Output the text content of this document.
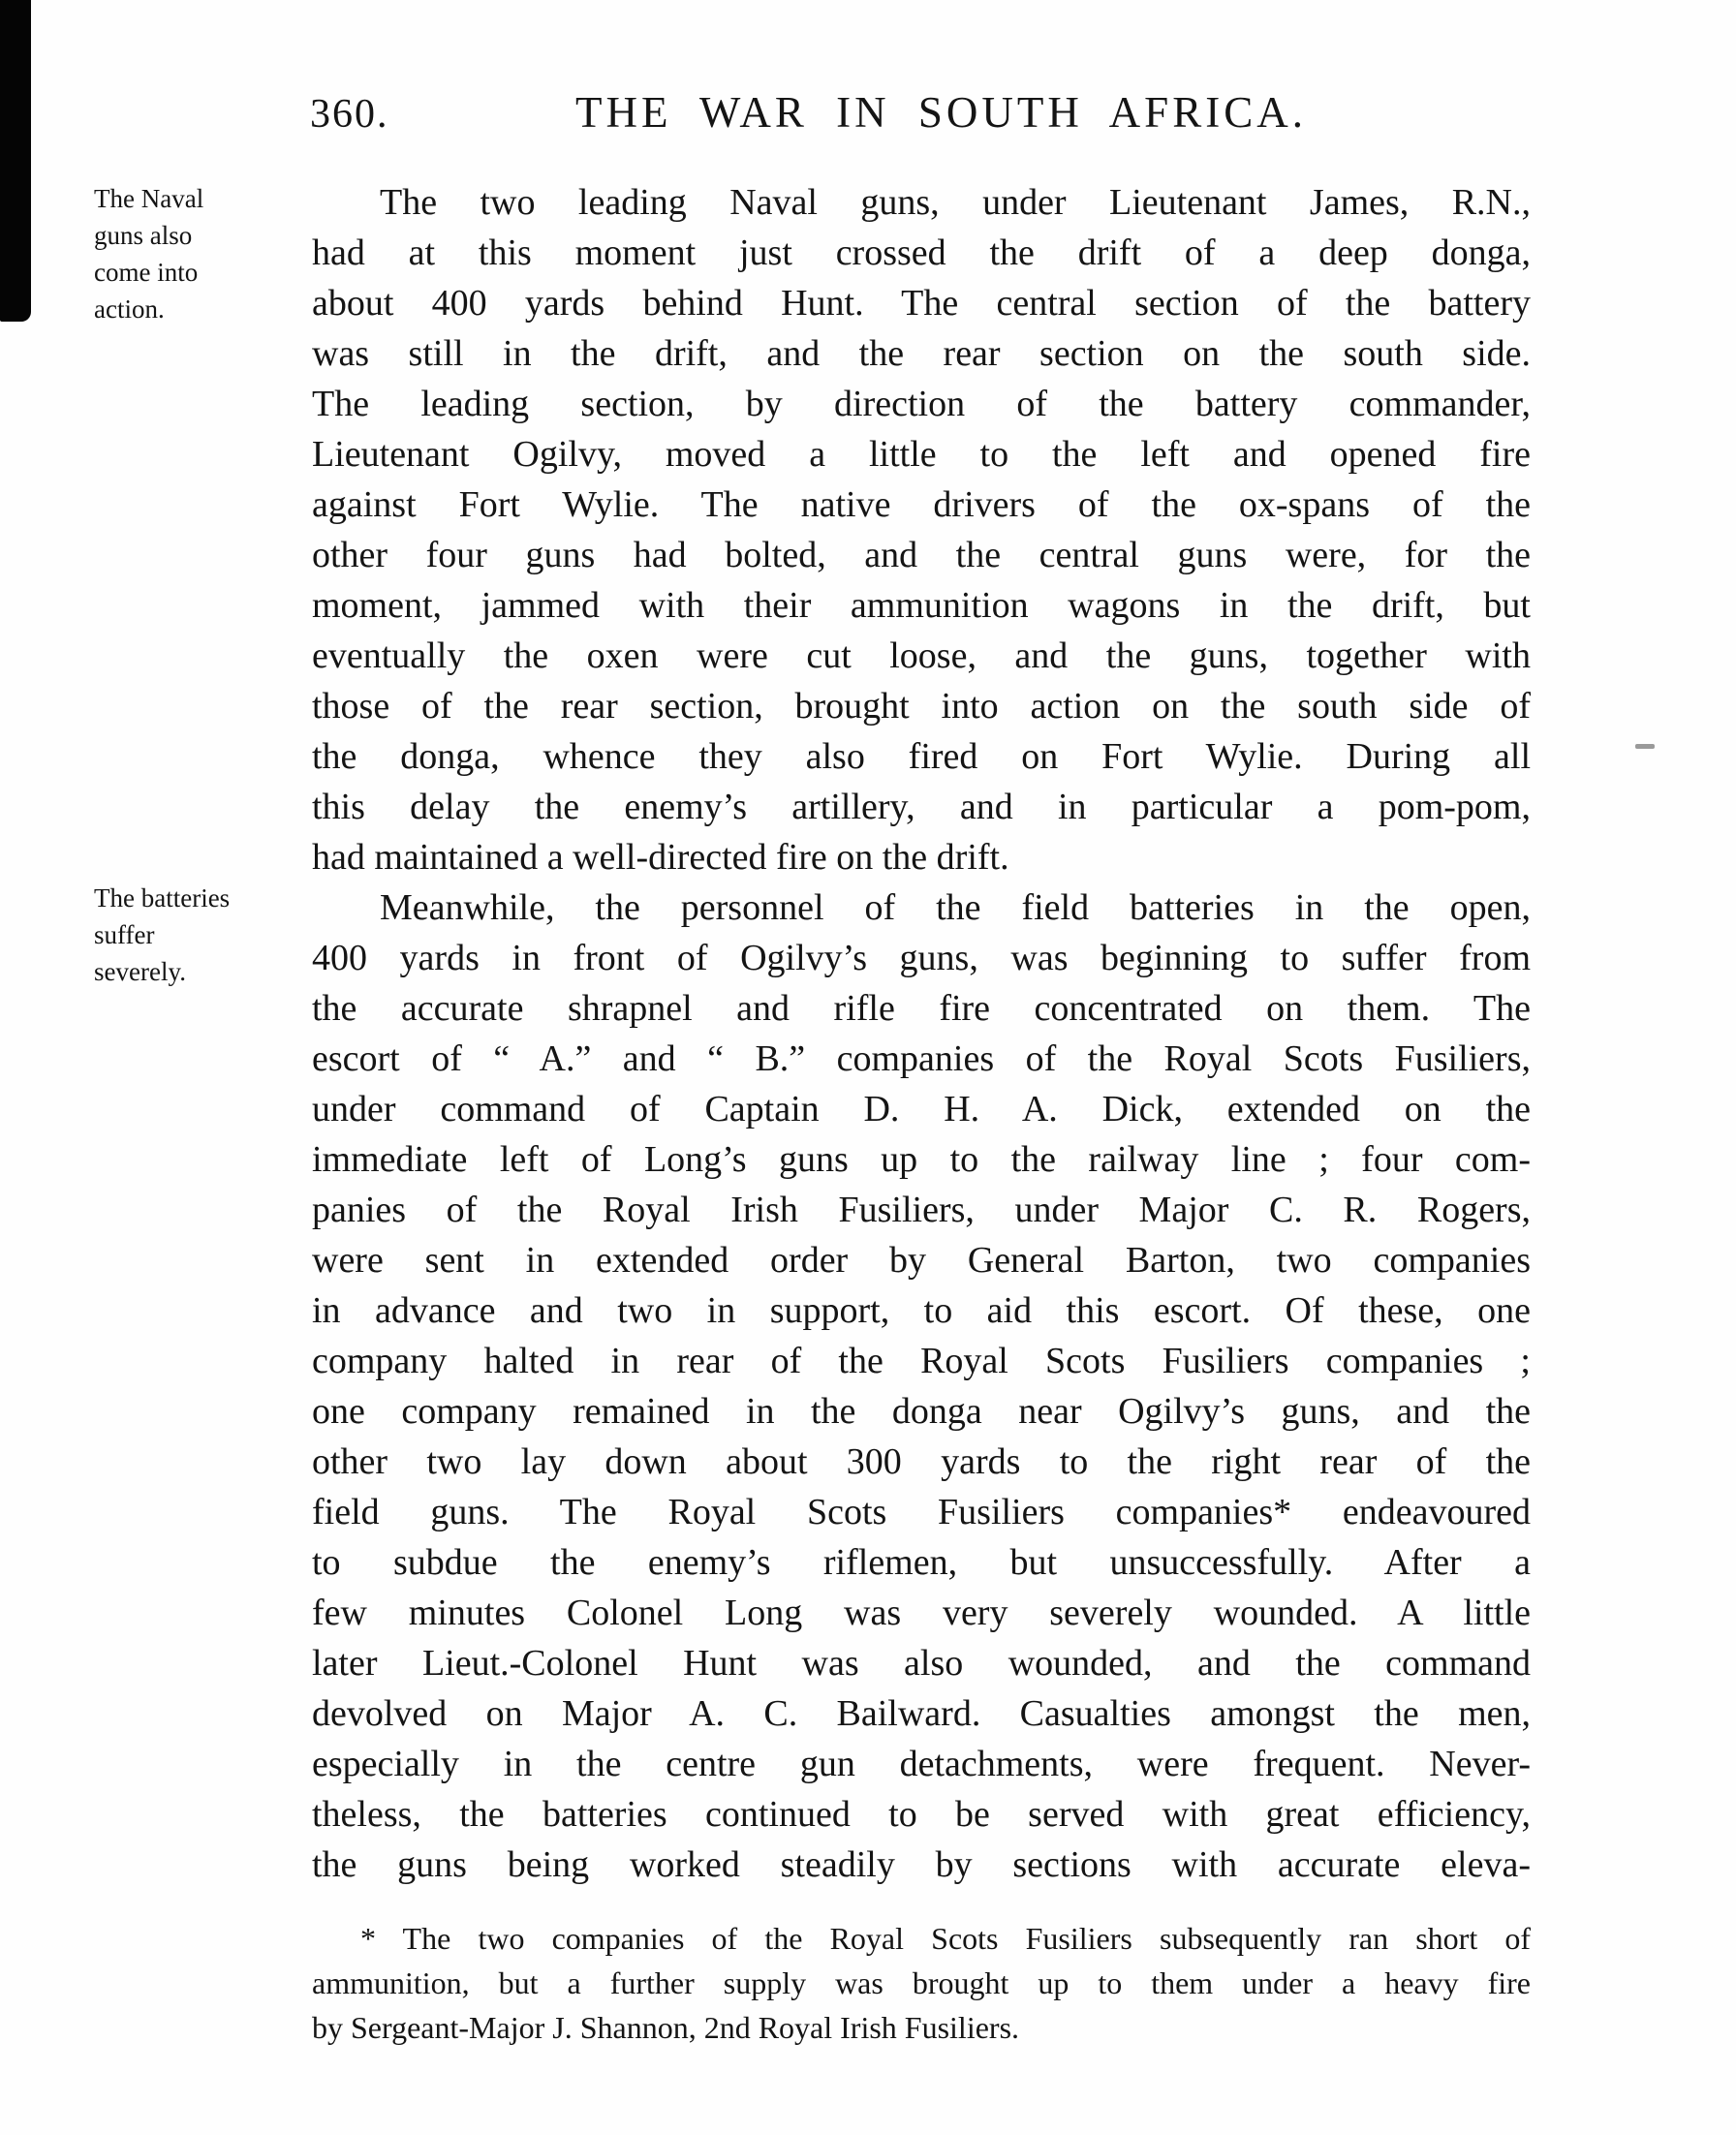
360.	THE WAR IN SOUTH AFRICA.
The Naval
guns also
come into
action.
The batteries
suffer
severely.
The two leading Naval guns, under Lieutenant James, R.N.,
had at this moment just crossed the drift of a deep donga,
about 400 yards behind Hunt. The central section of the battery
was still in the drift, and the rear section on the south side.
The leading section, by direction of the battery commander,
Lieutenant Ogilvy, moved a little to the left and opened fire
against Fort Wylie. The native drivers of the ox-spans of the
other four guns had bolted, and the central guns were, for the
moment, jammed with their ammunition wagons in the drift, but
eventually the oxen were cut loose, and the guns, together with
those of the rear section, brought into action on the south side of
the donga, whence they also fired on Fort Wylie. During all
this delay the enemy’s artillery, and in particular a pom-pom,
had maintained a well-directed fire on the drift.
Meanwhile, the personnel of the field batteries in the open,
400 yards in front of Ogilvy’s guns, was beginning to suffer from
the accurate shrapnel and rifle fire concentrated on them. The
escort of “ A.” and “ B.” companies of the Royal Scots Fusiliers,
under command of Captain D. H. A. Dick, extended on the
immediate left of Long’s guns up to the railway line ; four com-
panies of the Royal Irish Fusiliers, under Major C. R. Rogers,
were sent in extended order by General Barton, two companies
in advance and two in support, to aid this escort. Of these, one
company halted in rear of the Royal Scots Fusiliers companies ;
one company remained in the donga near Ogilvy’s guns, and the
other two lay down about 300 yards to the right rear of the
field guns. The Royal Scots Fusiliers companies* endeavoured
to subdue the enemy’s riflemen, but unsuccessfully. After a
few minutes Colonel Long was very severely wounded. A little
later Lieut.-Colonel Hunt was also wounded, and the command
devolved on Major A. C. Bailward. Casualties amongst the men,
especially in the centre gun detachments, were frequent. Never-
theless, the batteries continued to be served with great efficiency,
the guns being worked steadily by sections with accurate eleva-
* The two companies of the Royal Scots Fusiliers subsequently ran short of
ammunition, but a further supply was brought up to them under a heavy fire
by Sergeant-Major J. Shannon, 2nd Royal Irish Fusiliers.
